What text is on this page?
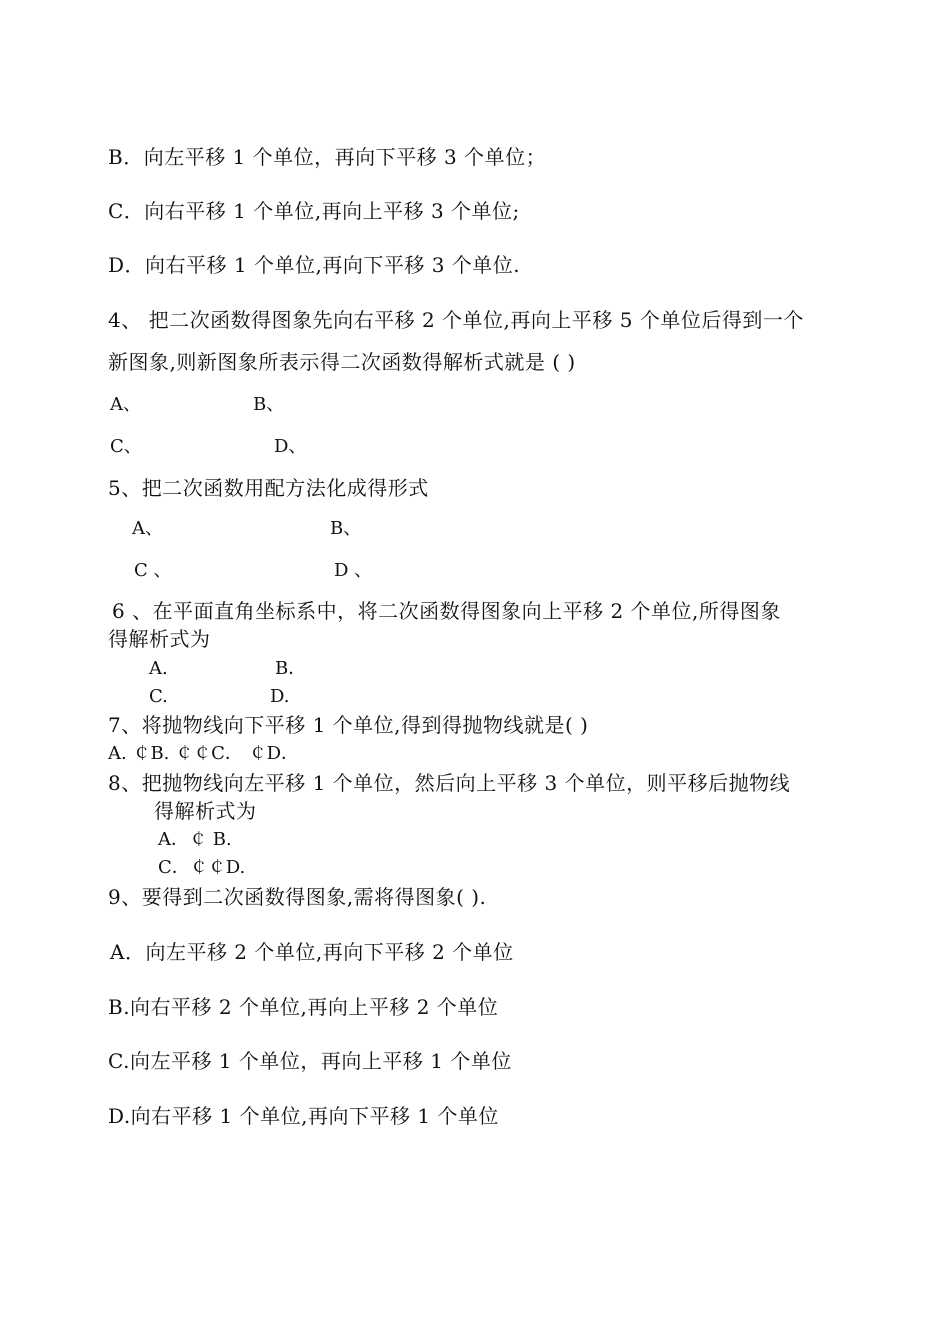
B．向左平移 1 个单位，再向下平移 3 个单位；
C．向右平移 1 个单位,再向上平移 3 个单位;
D．向右平移 1 个单位,再向下平移 3 个单位.
4、 把二次函数得图象先向右平移 2 个单位,再向上平移 5 个单位后得到一个
新图象,则新图象所表示得二次函数得解析式就是 ( )
A、	B、
C、	D、
5、把二次函数用配方法化成得形式
A、	B、
C 、	D 、
6 、在平面直角坐标系中，将二次函数得图象向上平移 2 个单位,所得图象
得解析式为
A.	B．
C.	D.
7、将抛物线向下平移 1 个单位,得到得抛物线就是( )
A. ￠B. ￠￠C． ￠D．
8、把抛物线向左平移 1 个单位，然后向上平移 3 个单位，则平移后抛物线
得解析式为
A．￠ B.
C．￠￠D.
9、要得到二次函数得图象,需将得图象( ).
A．向左平移 2 个单位,再向下平移 2 个单位
B.向右平移 2 个单位,再向上平移 2 个单位
C.向左平移 1 个单位，再向上平移 1 个单位
D.向右平移 1 个单位,再向下平移 1 个单位
